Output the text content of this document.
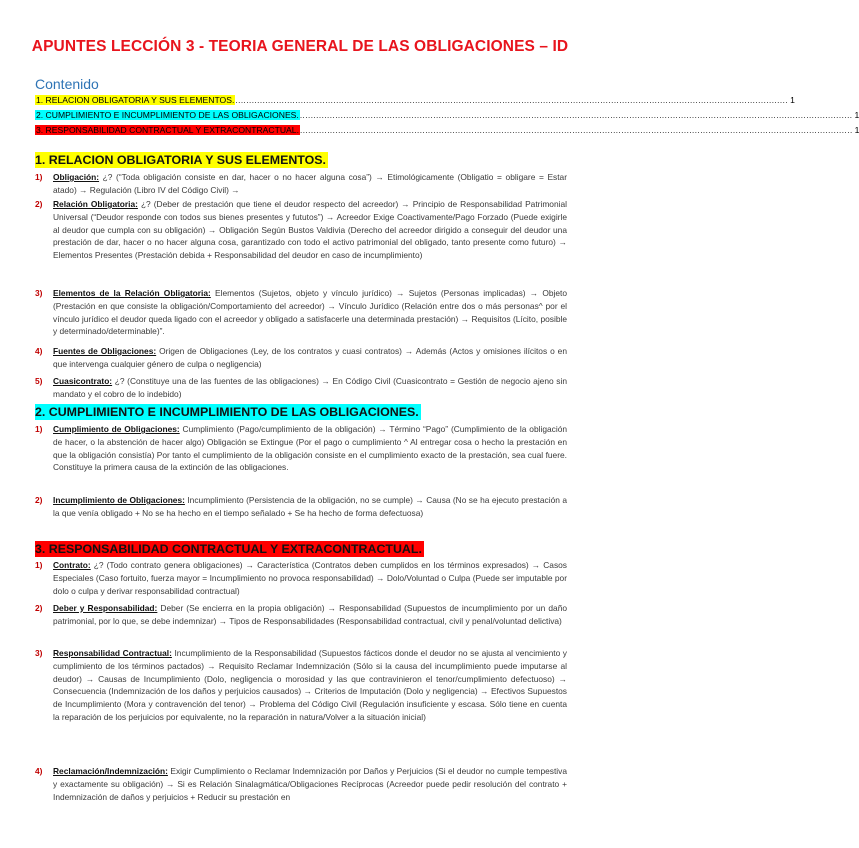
APUNTES LECCIÓN 3 - TEORIA GENERAL DE LAS OBLIGACIONES – ID
Contenido
1. RELACION OBLIGATORIA Y SUS ELEMENTOS. ........................................................................................................................................................................................................... 1
2. CUMPLIMIENTO E INCUMPLIMIENTO DE LAS OBLIGACIONES. ........................................................................................................................................................................................................... 1
3. RESPONSABILIDAD CONTRACTUAL Y EXTRACONTRACTUAL. ........................................................................................................................................................................................................... 1
1. RELACION OBLIGATORIA Y SUS ELEMENTOS.
1)	Obligación: ¿? (“Toda obligación consiste en dar, hacer o no hacer alguna cosa”) → Etimológicamente (Obligatio = obligare = Estar atado) → Regulación (Libro IV del Código Civil) →
2)	Relación Obligatoria: ¿? (Deber de prestación que tiene el deudor respecto del acreedor) → Principio de Responsabilidad Patrimonial Universal (“Deudor responde con todos sus bienes presentes y fututos”) → Acreedor Exige Coactivamente/Pago Forzado (Puede exigirle al deudor que cumpla con su obligación) → Obligación Según Bustos Valdivia (Derecho del acreedor dirigido a conseguir del deudor una prestación de dar, hacer o no hacer alguna cosa, garantizado con todo el activo patrimonial del obligado, tanto presente como futuro) → Elementos Presentes (Prestación debida + Responsabilidad del deudor en caso de incumplimiento)
3)	Elementos de la Relación Obligatoria: Elementos (Sujetos, objeto y vínculo jurídico) → Sujetos (Personas implicadas) → Objeto (Prestación en que consiste la obligación/Comportamiento del acreedor) → Vínculo Jurídico (Relación entre dos o más personas^ por el vínculo jurídico el deudor queda ligado con el acreedor y obligado a satisfacerle una determinada prestación) → Requisitos (Lícito, posible y determinado/determinable)”.
4)	Fuentes de Obligaciones: Origen de Obligaciones (Ley, de los contratos y cuasi contratos) → Además (Actos y omisiones ilícitos o en que intervenga cualquier género de culpa o negligencia)
5)	Cuasicontrato: ¿? (Constituye una de las fuentes de las obligaciones) → En Código Civil (Cuasicontrato = Gestión de negocio ajeno sin mandato y el cobro de lo indebido)
2. CUMPLIMIENTO E INCUMPLIMIENTO DE LAS OBLIGACIONES.
1)	Cumplimiento de Obligaciones: Cumplimiento (Pago/cumplimiento de la obligación) → Término “Pago” (Cumplimiento de la obligación de hacer, o la abstención de hacer algo) Obligación se Extingue (Por el pago o cumplimiento ^ Al entregar cosa o hecho la prestación en que la obligación consistía) Por tanto el cumplimiento de la obligación consiste en el cumplimiento exacto de la prestación, sea cual fuere. Constituye la primera causa de la extinción de las obligaciones.
2)	Incumplimiento de Obligaciones: Incumplimiento (Persistencia de la obligación, no se cumple) → Causa (No se ha ejecuto prestación a la que venía obligado + No se ha hecho en el tiempo señalado + Se ha hecho de forma defectuosa)
3. RESPONSABILIDAD CONTRACTUAL Y EXTRACONTRACTUAL.
1)	Contrato: ¿? (Todo contrato genera obligaciones) → Característica (Contratos deben cumplidos en los términos expresados) → Casos Especiales (Caso fortuito, fuerza mayor = Incumplimiento no provoca responsabilidad) → Dolo/Voluntad o Culpa (Puede ser imputable por dolo o culpa y derivar responsabilidad contractual)
2)	Deber y Responsabilidad: Deber (Se encierra en la propia obligación) → Responsabilidad (Supuestos de incumplimiento por un daño patrimonial, por lo que, se debe indemnizar) → Tipos de Responsabilidades (Responsabilidad contractual, civil y penal/voluntad delictiva)
3)	Responsabilidad Contractual: Incumplimiento de la Responsabilidad (Supuestos fácticos donde el deudor no se ajusta al vencimiento y cumplimiento de los términos pactados) → Requisito Reclamar Indemnización (Sólo si la causa del incumplimiento puede imputarse al deudor) → Causas de Incumplimiento (Dolo, negligencia o morosidad y las que contravinieron el tenor/cumplimiento defectuoso) → Consecuencia (Indemnización de los daños y perjuicios causados) → Criterios de Imputación (Dolo y negligencia) → Efectivos Supuestos de Incumplimiento (Mora y contravención del tenor) → Problema del Código Civil (Regulación insuficiente y escasa. Sólo tiene en cuenta la reparación de los perjuicios por equivalente, no la reparación in natura/Volver a la situación inicial)
4)	Reclamación/Indemnización: Exigir Cumplimiento o Reclamar Indemnización por Daños y Perjuicios (Si el deudor no cumple tempestiva y exactamente su obligación) → Si es Relación Sinalagmática/Obligaciones Recíprocas (Acreedor puede pedir resolución del contrato + Indemnización de daños y perjuicios + Reducir su prestación en
